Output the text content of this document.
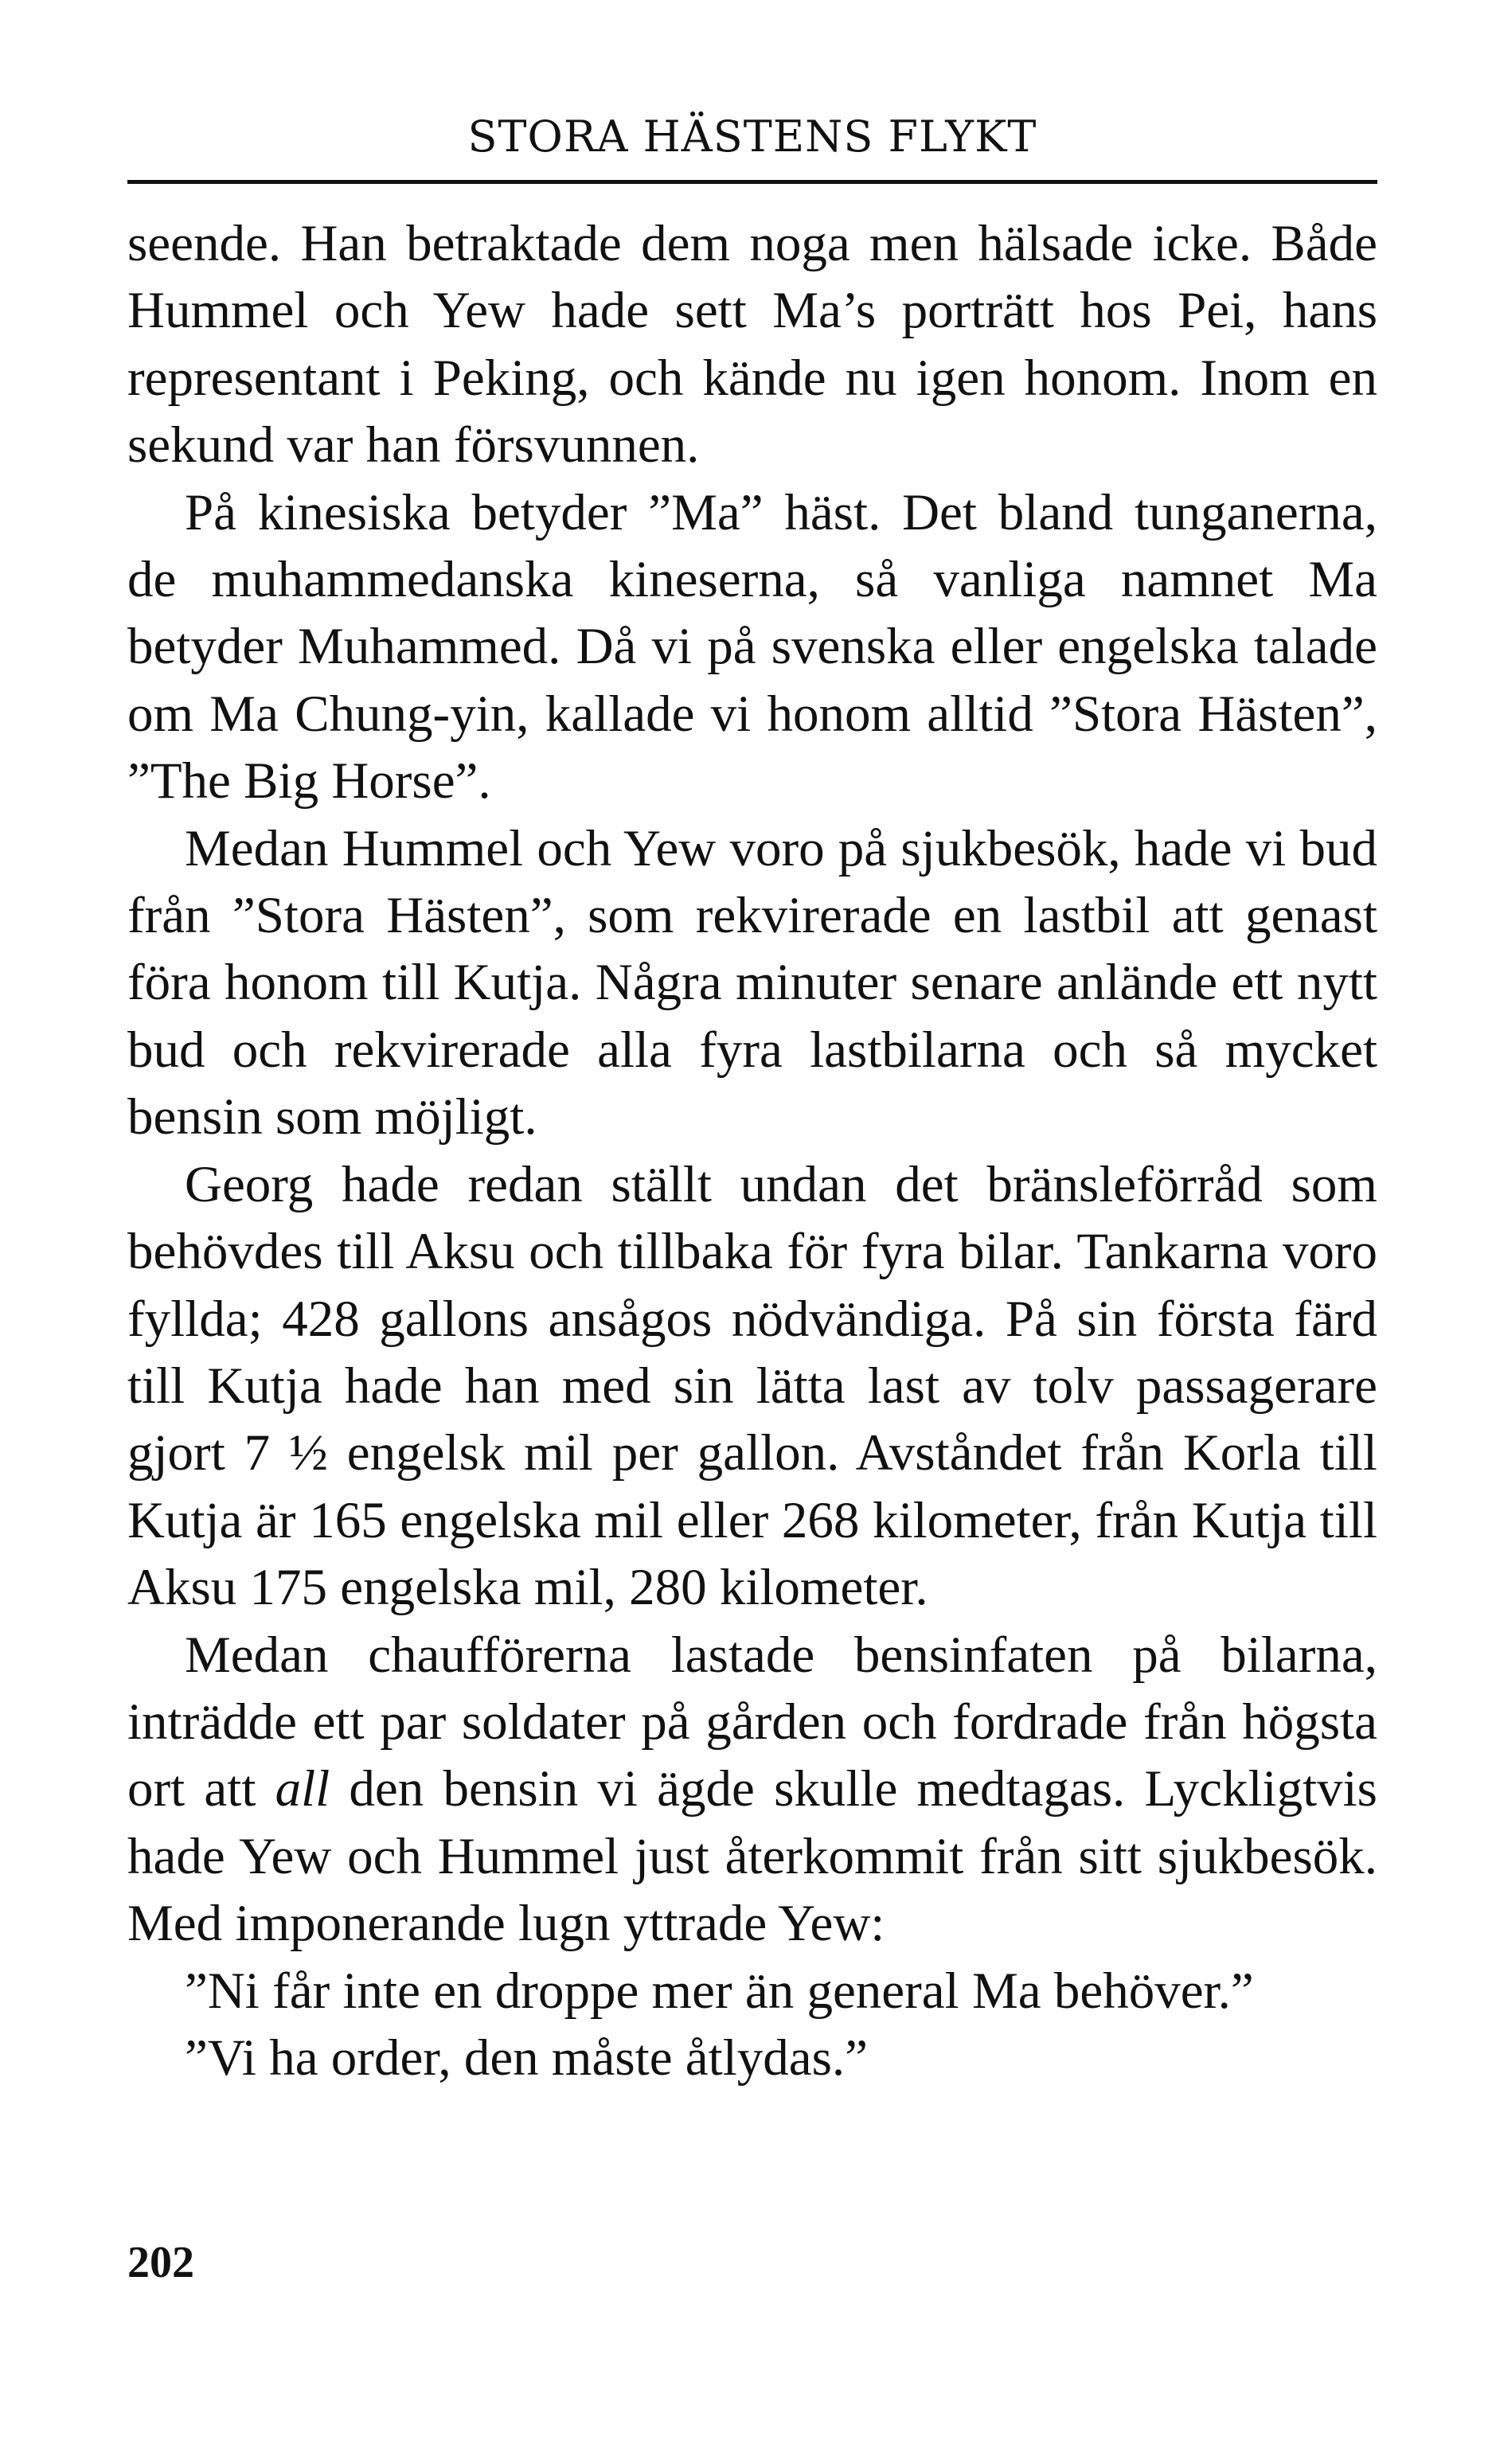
STORA HÄSTENS FLYKT

seende. Han betraktade dem noga men hälsade icke. Både Hummel och Yew hade sett Ma’s porträtt hos Pei, hans representant i Peking, och kände nu igen honom. Inom en sekund var han försvunnen.

På kinesiska betyder ”Ma” häst. Det bland tunganerna, de muhammedanska kineserna, så vanliga namnet Ma betyder Muhammed. Då vi på svenska eller engelska talade om Ma Chung-yin, kallade vi honom alltid ”Stora Hästen”, ”The Big Horse”.

Medan Hummel och Yew voro på sjukbesök, hade vi bud från ”Stora Hästen”, som rekvirerade en lastbil att genast föra honom till Kutja. Några minuter senare anlände ett nytt bud och rekvirerade alla fyra lastbilarna och så mycket bensin som möjligt.

Georg hade redan ställt undan det bränsleförråd som behövdes till Aksu och tillbaka för fyra bilar. Tankarna voro fyllda; 428 gallons ansågos nödvändiga. På sin första färd till Kutja hade han med sin lätta last av tolv passagerare gjort 7 ½ engelsk mil per gallon. Avståndet från Korla till Kutja är 165 engelska mil eller 268 kilometer, från Kutja till Aksu 175 engelska mil, 280 kilometer.

Medan chaufförerna lastade bensinfaten på bilarna, inträdde ett par soldater på gården och fordrade från högsta ort att all den bensin vi ägde skulle medtagas. Lyckligtvis hade Yew och Hummel just återkommit från sitt sjukbesök. Med imponerande lugn yttrade Yew:

”Ni får inte en droppe mer än general Ma behöver.”

”Vi ha order, den måste åtlydas.”

202
